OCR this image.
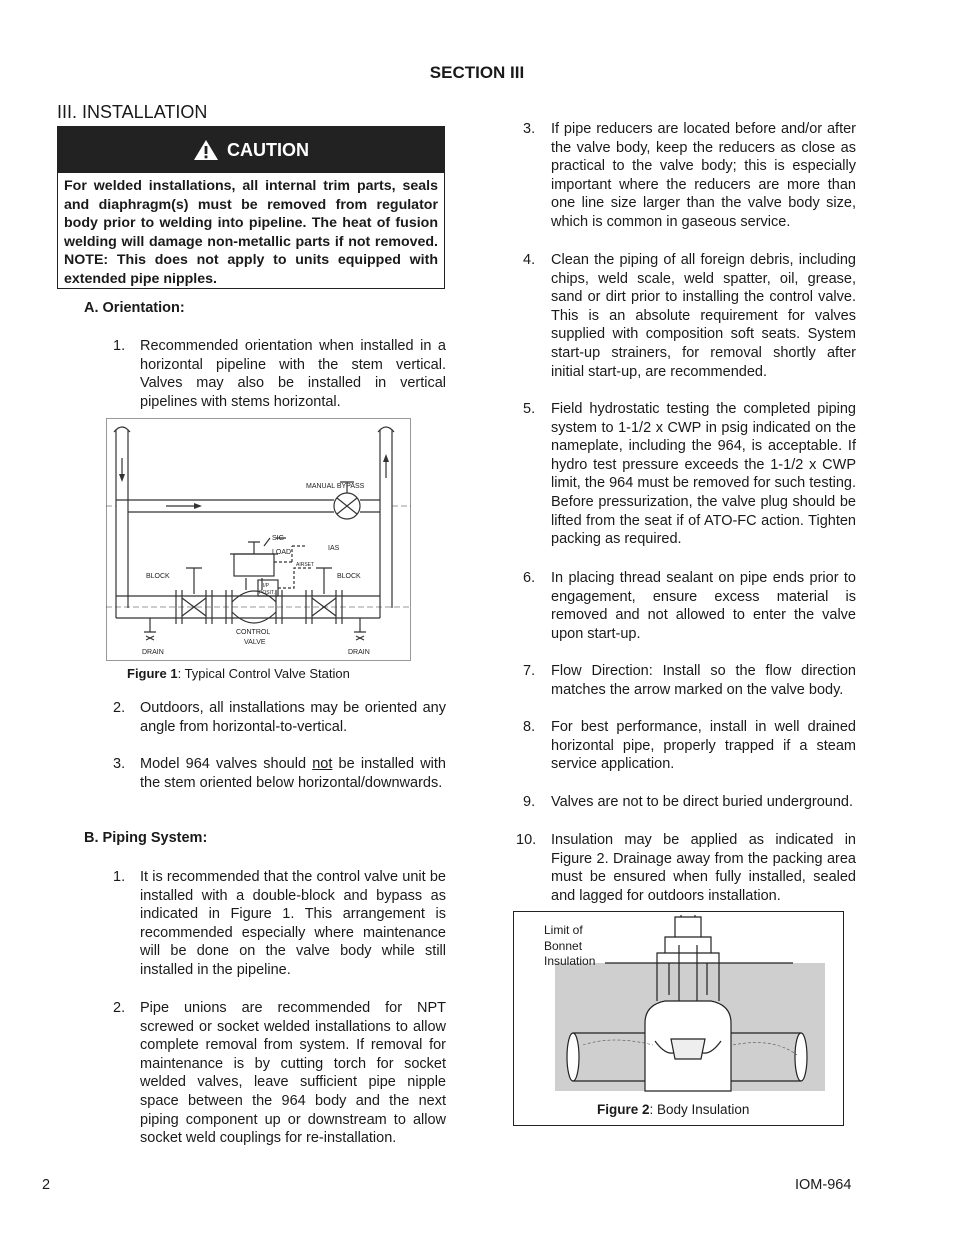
SECTION III
III. INSTALLATION
CAUTION
For welded installations, all internal trim parts, seals and diaphragm(s) must be removed from regulator body prior to welding into pipeline. The heat of fusion welding will damage non-metallic parts if not removed. NOTE: This does not apply to units equipped with extended pipe nipples.
A. Orientation:
1.	Recommended orientation when installed in a horizontal pipeline with the stem vertical. Valves may also be installed in vertical pipelines with stems horizontal.
MANUAL BYPASS
SIG
LOAD
IAS
AIRSET
I/P
POSIT.
BLOCK	BLOCK
CONTROL
VALVE
DRAIN	DRAIN
Figure 1: Typical Control Valve Station
2.	Outdoors, all installations may be oriented any angle from horizontal-to-vertical.
3.	Model 964 valves should not be installed with the stem oriented below horizontal/downwards.
B. Piping System:
1.	It is recommended that the control valve unit be installed with a double-block and bypass as indicated in Figure 1. This arrangement is recommended especially where maintenance will be done on the valve body while still installed in the pipeline.
2.	Pipe unions are recommended for NPT screwed or socket welded installations to allow complete removal from system. If removal for maintenance is by cutting torch for socket welded valves, leave sufficient pipe nipple space between the 964 body and the next piping component up or downstream to allow socket weld couplings for re-installation.
3.	If pipe reducers are located before and/or after the valve body, keep the reducers as close as practical to the valve body; this is especially important where the reducers are more than one line size larger than the valve body size, which is common in gaseous service.
4.	Clean the piping of all foreign debris, including chips, weld scale, weld spatter, oil, grease, sand or dirt prior to installing the control valve. This is an absolute requirement for valves supplied with composition soft seats. System start-up strainers, for removal shortly after initial start-up, are recommended.
5.	Field hydrostatic testing the completed piping system to 1-1/2 x CWP in psig indicated on the nameplate, including the 964, is acceptable. If hydro test pressure exceeds the 1-1/2 x CWP limit, the 964 must be removed for such testing. Before pressurization, the valve plug should be lifted from the seat if of ATO-FC action. Tighten packing as required.
6.	In placing thread sealant on pipe ends prior to engagement, ensure excess material is removed and not allowed to enter the valve upon start-up.
7.	Flow Direction: Install so the flow direction matches the arrow marked on the valve body.
8.	For best performance, install in well drained horizontal pipe, properly trapped if a steam service application.
9.	Valves are not to be direct buried underground.
10.	Insulation may be applied as indicated in Figure 2. Drainage away from the packing area must be ensured when fully installed, sealed and lagged for outdoors installation.
Limit of
Bonnet
Insulation
Figure 2: Body Insulation
2	IOM-964
